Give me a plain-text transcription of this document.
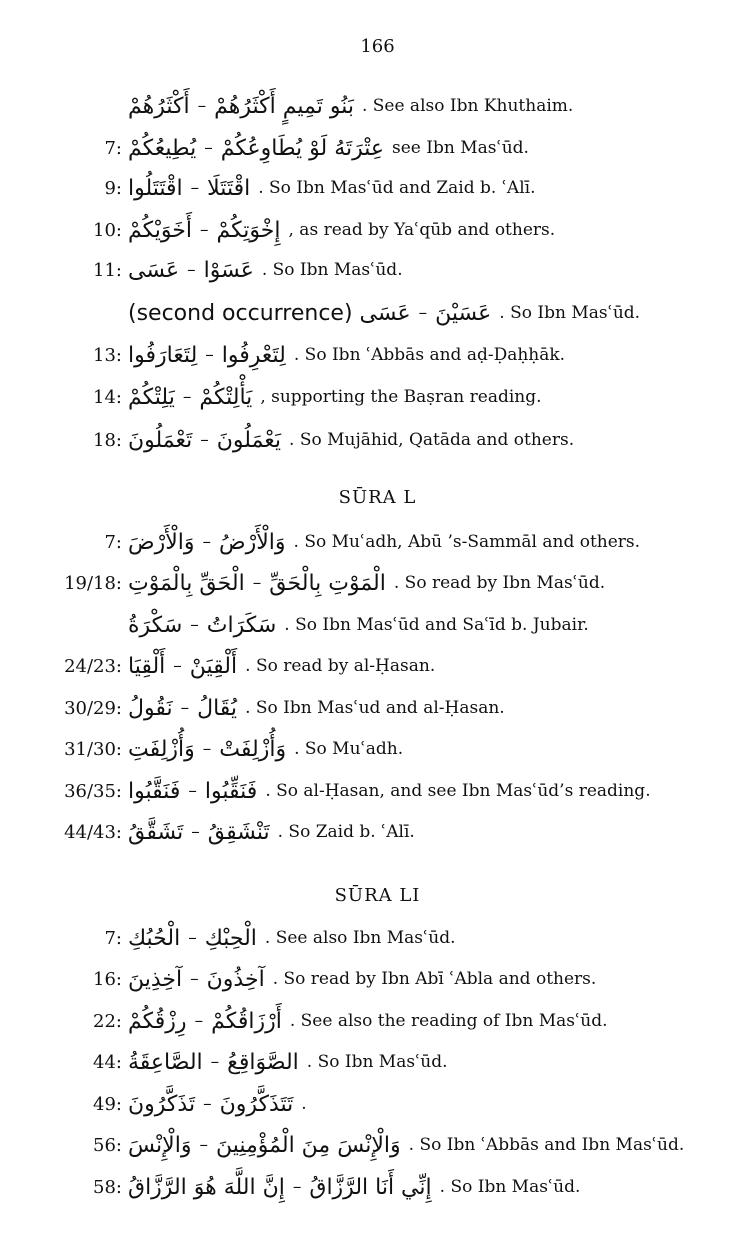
166
أَكْثَرُهُمْ – بَنُو تَمِيمٍ أَكْثَرُهُمْ . See also Ibn Khuthaim.
7: يُطِيعُكُمْ – عِتْرَتَهُ لَوْ يُطَاوِعُكُمْ see Ibn Masʿūd.
9: اقْتَتَلُوا – اقْتَتَلَا . So Ibn Masʿūd and Zaid b. ʿAlī.
10: أَخَوَيْكُمْ – إِخْوَتِكُمْ , as read by Yaʿqūb and others.
11: عَسَى – عَسَوْا . So Ibn Masʿūd.
عَسَى (second occurrence) – عَسَيْنَ . So Ibn Masʿūd.
13: لِتَعَارَفُوا – لِتَعْرِفُوا . So Ibn ʿAbbās and aḍ-Ḍaḥḥāk.
14: يَلِتْكُمْ – يَأْلِتْكُمْ , supporting the Baṣran reading.
18: تَعْمَلُونَ – يَعْمَلُونَ . So Mujāhid, Qatāda and others.
SŪRA L
7: وَالْأَرْضَ – وَالْأَرْضُ . So Muʿadh, Abū ’s-Sammāl and others.
19/18: الْحَقِّ بِالْمَوْتِ – الْمَوْتِ بِالْحَقِّ . So read by Ibn Masʿūd.
سَكْرَةُ – سَكَرَاتُ . So Ibn Masʿūd and Saʿīd b. Jubair.
24/23: أَلْقِيَا – أَلْقِيَنْ . So read by al-Ḥasan.
30/29: نَقُولُ – يُقَالُ . So Ibn Masʿud and al-Ḥasan.
31/30: وَأُزْلِفَتِ – وَأُزْلِفَتْ . So Muʿadh.
36/35: فَنَقَّبُوا – فَنَقِّبُوا . So al-Ḥasan, and see Ibn Masʿūd’s reading.
44/43: تَشَقَّقُ – تَنْشَقِقُ . So Zaid b. ʿAlī.
SŪRA LI
7: الْحُبُكِ – الْحِبْكِ . See also Ibn Masʿūd.
16: آخِذِينَ – آخِذُونَ . So read by Ibn Abī ʿAbla and others.
22: رِزْقُكُمْ – أَرْزَاقُكُمْ . See also the reading of Ibn Masʿūd.
44: الصَّاعِقَةُ – الصَّوَاقِعُ . So Ibn Masʿūd.
49: تَذَكَّرُونَ – تَتَذَكَّرُونَ .
56: وَالْإِنْسَ – وَالْإِنْسَ مِنَ الْمُؤْمِنِينَ . So Ibn ʿAbbās and Ibn Masʿūd.
58: إِنَّ اللَّهَ هُوَ الرَّزَّاقُ – إِنِّي أَنَا الرَّزَّاقُ . So Ibn Masʿūd.
